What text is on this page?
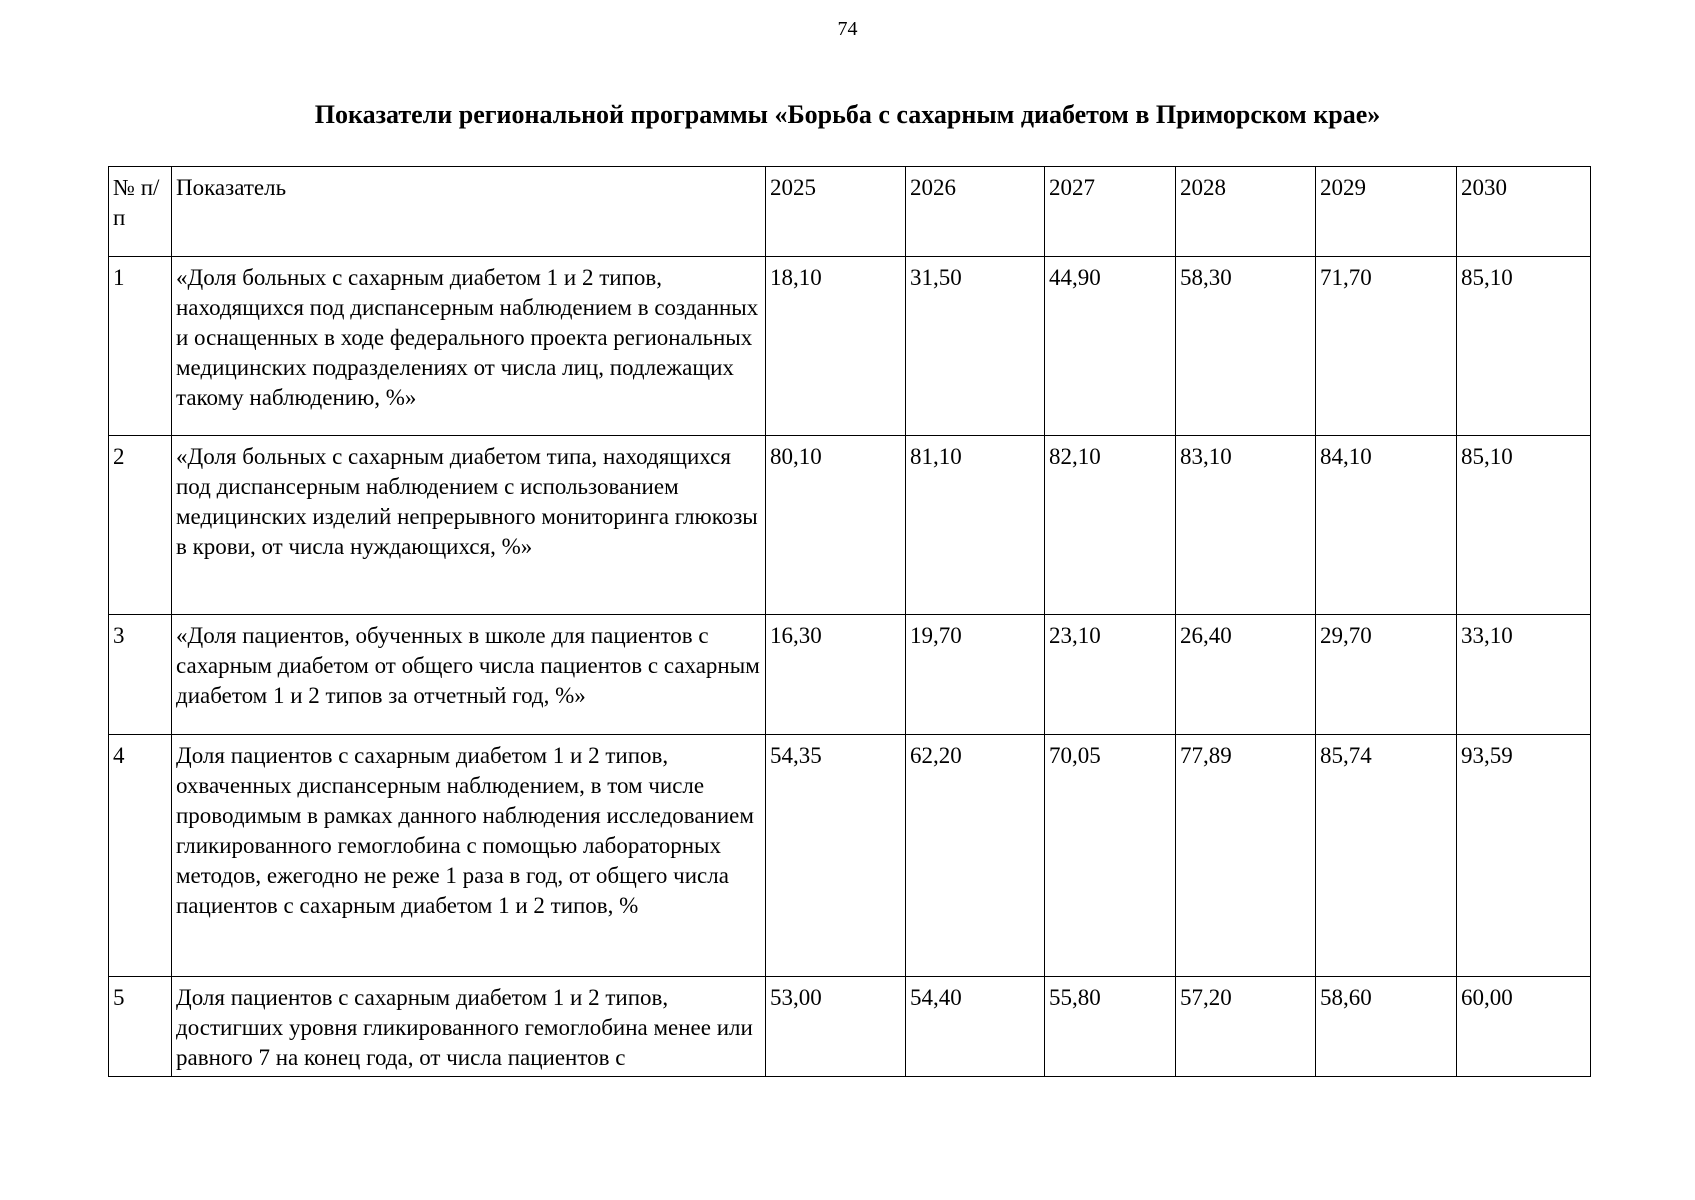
74
Показатели региональной программы «Борьба с сахарным диабетом в Приморском крае»
№ п/п	Показатель	2025	2026	2027	2028	2029	2030
1	«Доля больных с сахарным диабетом 1 и 2 типов, находящихся под диспансерным наблюдением в созданных и оснащенных в ходе федерального проекта региональных медицинских подразделениях от числа лиц, подлежащих такому наблюдению, %»	18,10	31,50	44,90	58,30	71,70	85,10
2	«Доля больных с сахарным диабетом типа, находящихся под диспансерным наблюдением с использованием медицинских изделий непрерывного мониторинга глюкозы в крови, от числа нуждающихся, %»	80,10	81,10	82,10	83,10	84,10	85,10
3	«Доля пациентов, обученных в школе для пациентов с сахарным диабетом от общего числа пациентов с сахарным диабетом 1 и 2 типов за отчетный год, %»	16,30	19,70	23,10	26,40	29,70	33,10
4	Доля пациентов с сахарным диабетом 1 и 2 типов, охваченных диспансерным наблюдением, в том числе проводимым в рамках данного наблюдения исследованием гликированного гемоглобина с помощью лабораторных методов, ежегодно не реже 1 раза в год, от общего числа пациентов с сахарным диабетом 1 и 2 типов, %	54,35	62,20	70,05	77,89	85,74	93,59
5	Доля пациентов с сахарным диабетом 1 и 2 типов, достигших уровня гликированного гемоглобина менее или равного 7 на конец года, от числа пациентов с	53,00	54,40	55,80	57,20	58,60	60,00
